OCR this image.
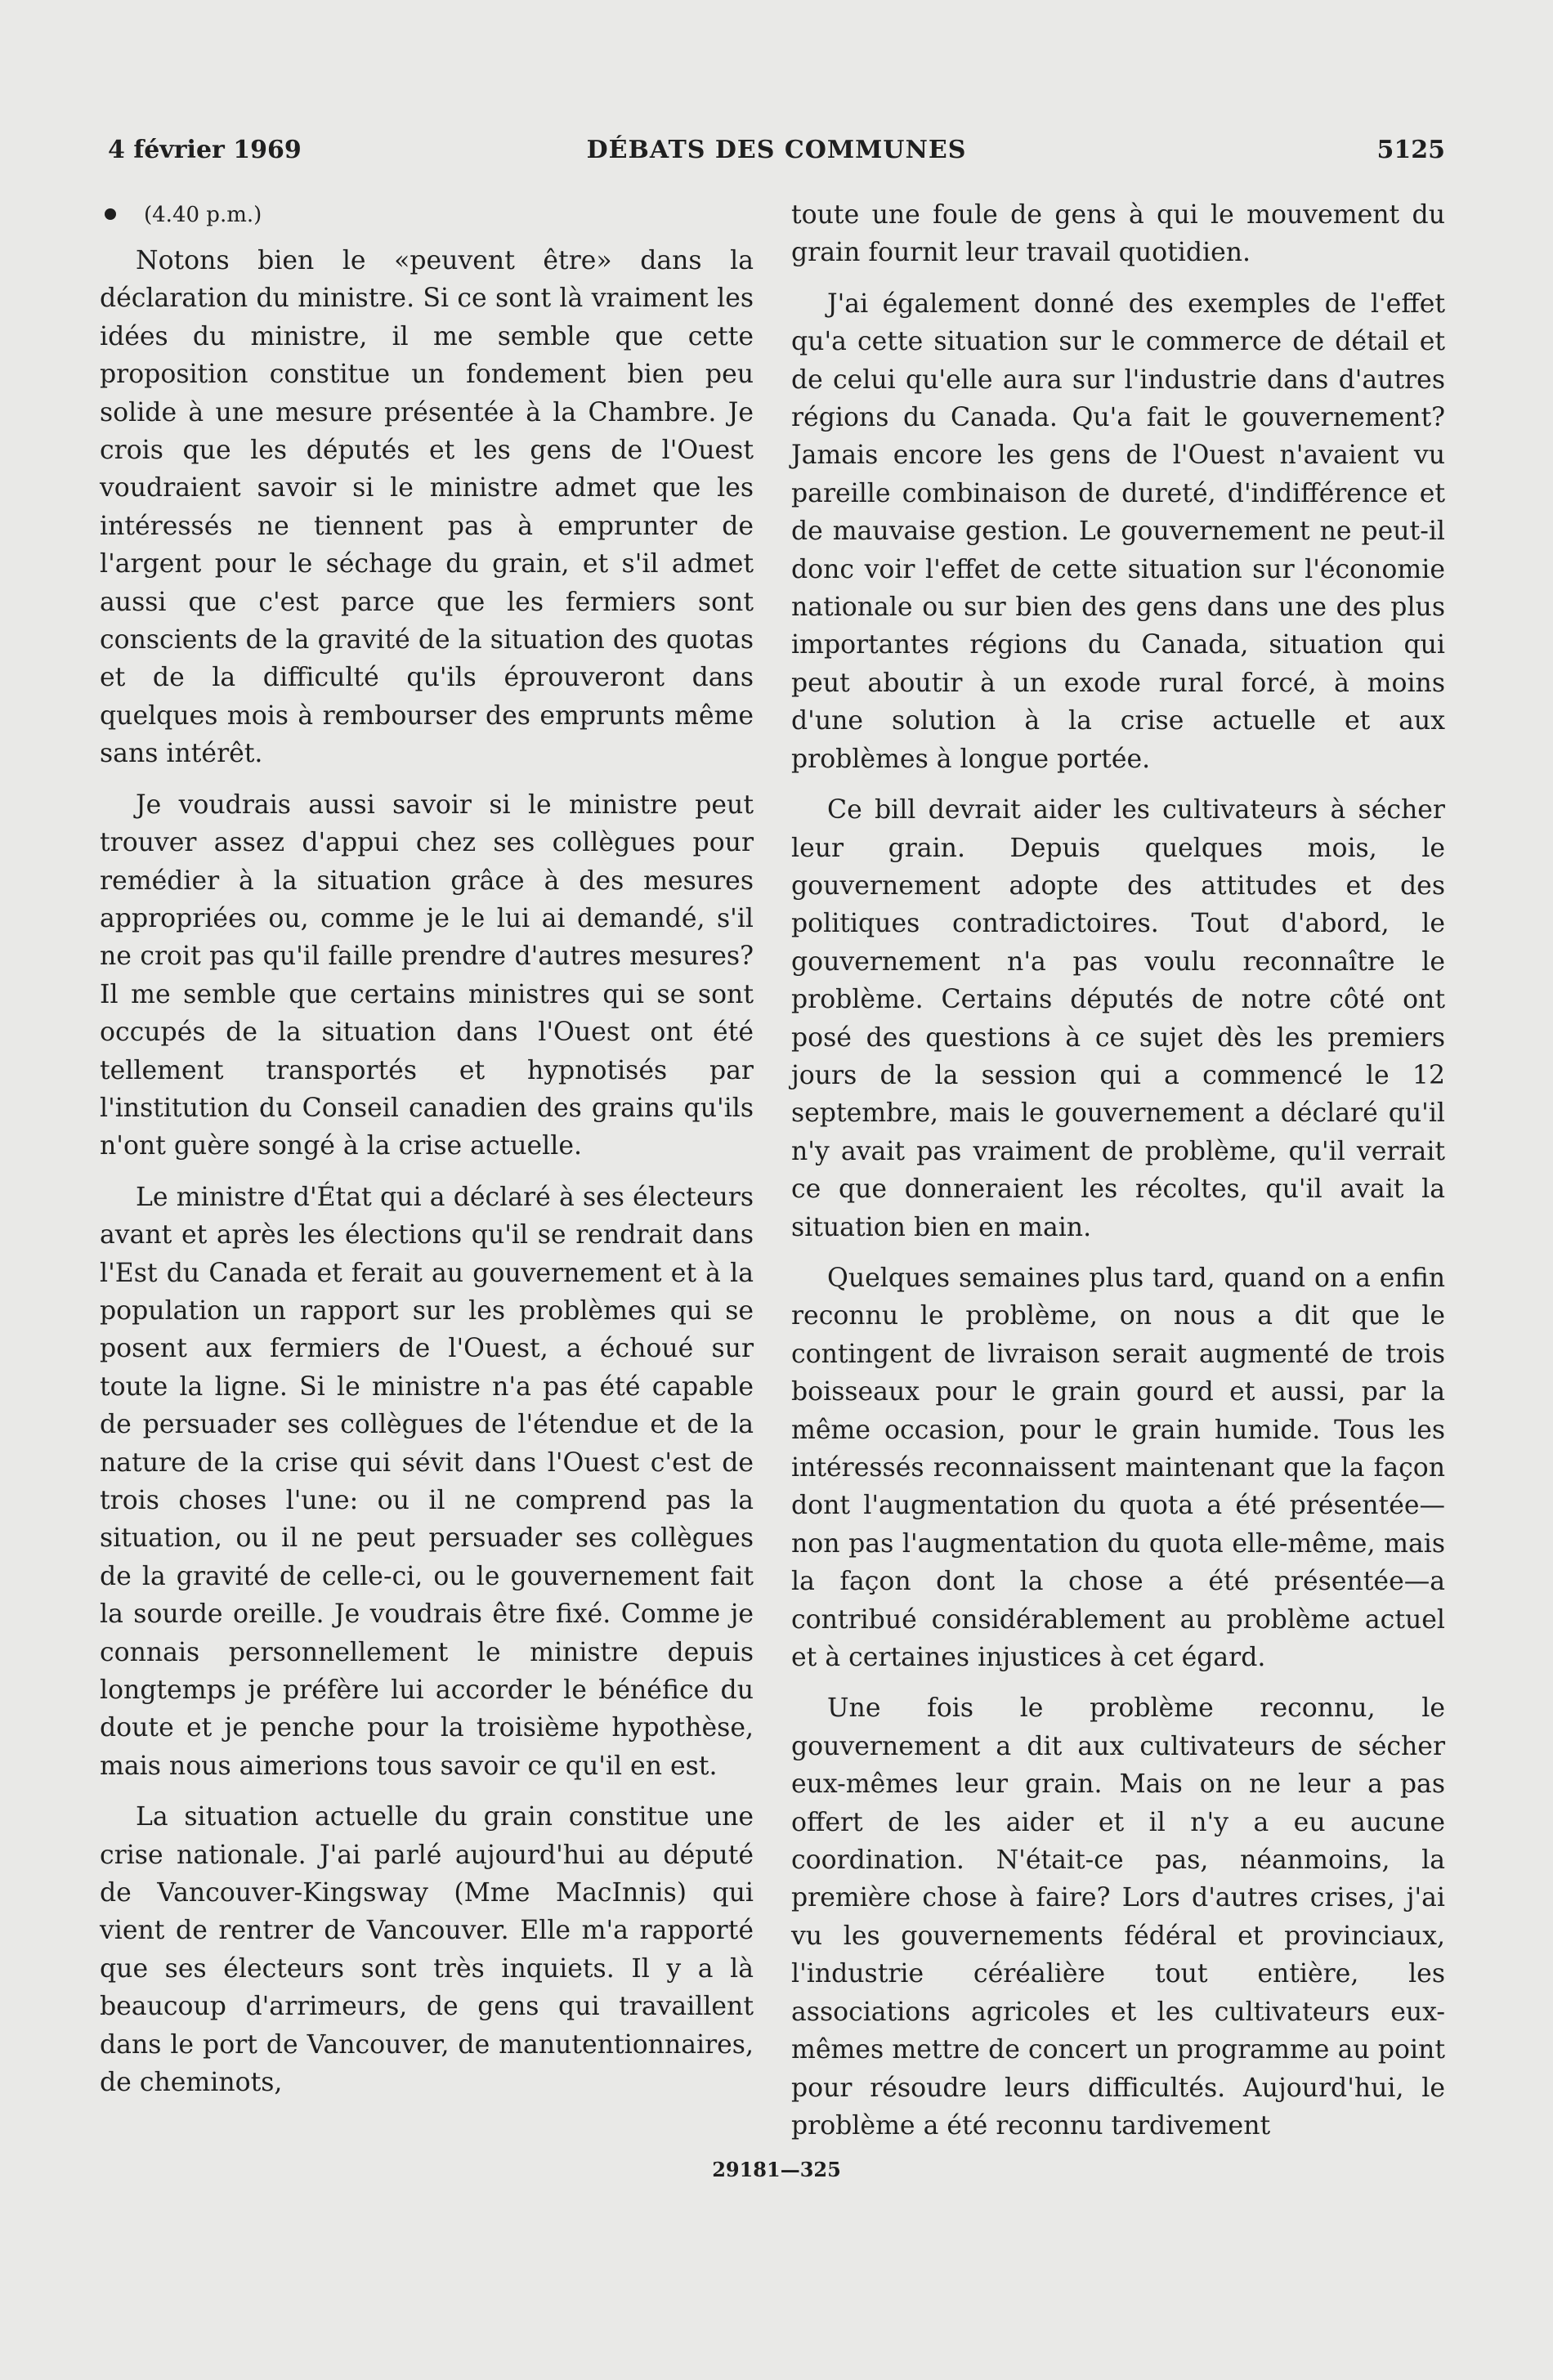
4 février 1969	DÉBATS DES COMMUNES	5125
(4.40 p.m.)

Notons bien le «peuvent être» dans la déclaration du ministre. Si ce sont là vraiment les idées du ministre, il me semble que cette proposition constitue un fondement bien peu solide à une mesure présentée à la Chambre. Je crois que les députés et les gens de l'Ouest voudraient savoir si le ministre admet que les intéressés ne tiennent pas à emprunter de l'argent pour le séchage du grain, et s'il admet aussi que c'est parce que les fermiers sont conscients de la gravité de la situation des quotas et de la difficulté qu'ils éprouveront dans quelques mois à rembourser des emprunts même sans intérêt.

Je voudrais aussi savoir si le ministre peut trouver assez d'appui chez ses collègues pour remédier à la situation grâce à des mesures appropriées ou, comme je le lui ai demandé, s'il ne croit pas qu'il faille prendre d'autres mesures? Il me semble que certains ministres qui se sont occupés de la situation dans l'Ouest ont été tellement transportés et hypnotisés par l'institution du Conseil canadien des grains qu'ils n'ont guère songé à la crise actuelle.

Le ministre d'État qui a déclaré à ses électeurs avant et après les élections qu'il se rendrait dans l'Est du Canada et ferait au gouvernement et à la population un rapport sur les problèmes qui se posent aux fermiers de l'Ouest, a échoué sur toute la ligne. Si le ministre n'a pas été capable de persuader ses collègues de l'étendue et de la nature de la crise qui sévit dans l'Ouest c'est de trois choses l'une: ou il ne comprend pas la situation, ou il ne peut persuader ses collègues de la gravité de celle-ci, ou le gouvernement fait la sourde oreille. Je voudrais être fixé. Comme je connais personnellement le ministre depuis longtemps je préfère lui accorder le bénéfice du doute et je penche pour la troisième hypothèse, mais nous aimerions tous savoir ce qu'il en est.

La situation actuelle du grain constitue une crise nationale. J'ai parlé aujourd'hui au député de Vancouver-Kingsway (Mme MacInnis) qui vient de rentrer de Vancouver. Elle m'a rapporté que ses électeurs sont très inquiets. Il y a là beaucoup d'arrimeurs, de gens qui travaillent dans le port de Vancouver, de manutentionnaires, de cheminots,

toute une foule de gens à qui le mouvement du grain fournit leur travail quotidien.

J'ai également donné des exemples de l'effet qu'a cette situation sur le commerce de détail et de celui qu'elle aura sur l'industrie dans d'autres régions du Canada. Qu'a fait le gouvernement? Jamais encore les gens de l'Ouest n'avaient vu pareille combinaison de dureté, d'indifférence et de mauvaise gestion. Le gouvernement ne peut-il donc voir l'effet de cette situation sur l'économie nationale ou sur bien des gens dans une des plus importantes régions du Canada, situation qui peut aboutir à un exode rural forcé, à moins d'une solution à la crise actuelle et aux problèmes à longue portée.

Ce bill devrait aider les cultivateurs à sécher leur grain. Depuis quelques mois, le gouvernement adopte des attitudes et des politiques contradictoires. Tout d'abord, le gouvernement n'a pas voulu reconnaître le problème. Certains députés de notre côté ont posé des questions à ce sujet dès les premiers jours de la session qui a commencé le 12 septembre, mais le gouvernement a déclaré qu'il n'y avait pas vraiment de problème, qu'il verrait ce que donneraient les récoltes, qu'il avait la situation bien en main.

Quelques semaines plus tard, quand on a enfin reconnu le problème, on nous a dit que le contingent de livraison serait augmenté de trois boisseaux pour le grain gourd et aussi, par la même occasion, pour le grain humide. Tous les intéressés reconnaissent maintenant que la façon dont l'augmentation du quota a été présentée—non pas l'augmentation du quota elle-même, mais la façon dont la chose a été présentée—a contribué considérablement au problème actuel et à certaines injustices à cet égard.

Une fois le problème reconnu, le gouvernement a dit aux cultivateurs de sécher eux-mêmes leur grain. Mais on ne leur a pas offert de les aider et il n'y a eu aucune coordination. N'était-ce pas, néanmoins, la première chose à faire? Lors d'autres crises, j'ai vu les gouvernements fédéral et provinciaux, l'industrie céréalière tout entière, les associations agricoles et les cultivateurs eux-mêmes mettre de concert un programme au point pour résoudre leurs difficultés. Aujourd'hui, le problème a été reconnu tardivement

29181—325
